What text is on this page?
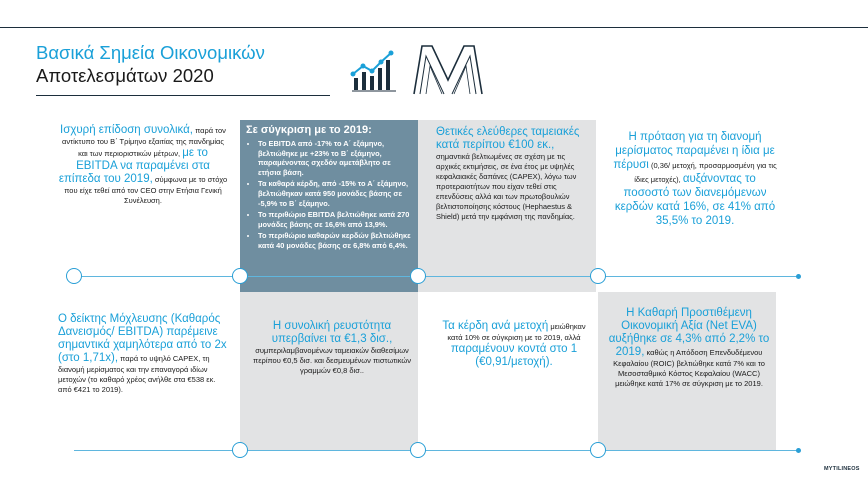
Βασικά Σημεία Οικονομικών
Αποτελεσμάτων 2020
Ισχυρή επίδοση συνολικά, παρά τον αντίκτυπο του Β΄ Τρίμηνο εξαιτίας της πανδημίας και των περιοριστικών μέτρων, με το EBITDA να παραμένει στα επίπεδα του 2019, σύμφωνα με το στόχο που είχε τεθεί από τον CEO στην Ετήσια Γενική Συνέλευση.
Σε σύγκριση με το 2019:
• Το EBITDA από -17% το Α΄ εξάμηνο, βελτιώθηκε με +23% το Β΄ εξάμηνο, παραμένοντας σχεδόν αμετάβλητο σε ετήσια βάση.
• Τα καθαρά κέρδη, από -15% το Α΄ εξάμηνο, βελτιώθηκαν κατά 950 μονάδες βάσης σε -5,9% το Β΄ εξάμηνο.
• Το περιθώριο EBITDA βελτιώθηκε κατά 270 μονάδες βάσης σε 16,6% από 13,9%.
• Το περιθώριο καθαρών κερδών βελτιώθηκε κατά 40 μονάδες βάσης σε 6,8% από 6,4%.
Θετικές ελεύθερες ταμειακές κατά περίπου €100 εκ., σημαντικά βελτιωμένες σε σχέση με τις αρχικές εκτιμήσεις, σε ένα έτος με υψηλές κεφαλαιακές δαπάνες (CAPEX), λόγω των προτεραιοτήτων που είχαν τεθεί στις επενδύσεις αλλά και των πρωτοβουλιών βελτιστοποίησης κόστους (Hephaestus & Shield) μετά την εμφάνιση της πανδημίας.
Η πρόταση για τη διανομή μερίσματος παραμένει η ίδια με πέρυσι (0,36/ μετοχή, προσαρμοσμένη για τις ίδιες μετοχές), αυξάνοντας το ποσοστό των διανεμόμενων κερδών κατά 16%, σε 41% από 35,5% το 2019.
Ο δείκτης Μόχλευσης (Καθαρός Δανεισμός/ EBITDA) παρέμεινε σημαντικά χαμηλότερα από το 2x (στο 1,71x), παρά το υψηλό CAPEX, τη διανομή μερίσματος και την επαναγορά ιδίων μετοχών (το καθαρό χρέος ανήλθε στα €538 εκ. από €421 το 2019).
Η συνολική ρευστότητα υπερβαίνει τα €1,3 δισ., συμπεριλαμβανομένων ταμειακών διαθεσίμων περίπου €0,5 δισ. και δεσμευμένων πιστωτικών γραμμών €0,8 δισ..
Τα κέρδη ανά μετοχή μειώθηκαν κατά 10% σε σύγκριση με το 2019, αλλά παραμένουν κοντά στο 1 (€0,91/μετοχή).
Η Καθαρή Προστιθέμενη Οικονομική Αξία (Net EVA) αυξήθηκε σε 4,3% από 2,2% το 2019, καθώς η Απόδοση Επενδυδέμενου Κεφαλαίου (ROIC) βελτιώθηκε κατά 7% και το Μεσοσταθμικό Κόστος Κεφαλαίου (WACC) μειώθηκε κατά 17% σε σύγκριση με το 2019.
MYTILINEOS
